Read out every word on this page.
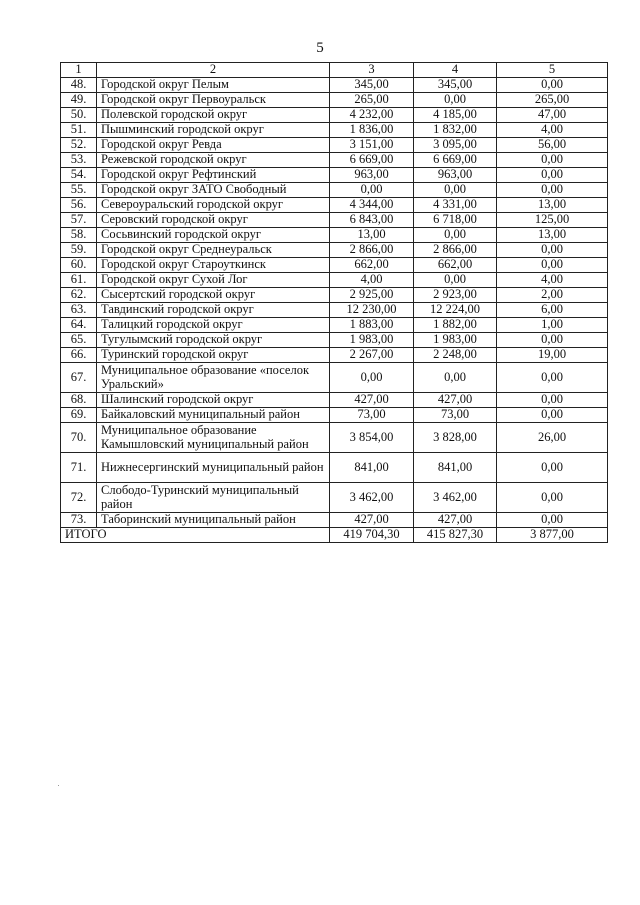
5
1	2	3	4	5
48.	Городской округ Пелым	345,00	345,00	0,00
49.	Городской округ Первоуральск	265,00	0,00	265,00
50.	Полевской городской округ	4 232,00	4 185,00	47,00
51.	Пышминский городской округ	1 836,00	1 832,00	4,00
52.	Городской округ Ревда	3 151,00	3 095,00	56,00
53.	Режевской городской округ	6 669,00	6 669,00	0,00
54.	Городской округ Рефтинский	963,00	963,00	0,00
55.	Городской округ ЗАТО Свободный	0,00	0,00	0,00
56.	Североуральский городской округ	4 344,00	4 331,00	13,00
57.	Серовский городской округ	6 843,00	6 718,00	125,00
58.	Сосьвинский городской округ	13,00	0,00	13,00
59.	Городской округ Среднеуральск	2 866,00	2 866,00	0,00
60.	Городской округ Староуткинск	662,00	662,00	0,00
61.	Городской округ Сухой Лог	4,00	0,00	4,00
62.	Сысертский городской округ	2 925,00	2 923,00	2,00
63.	Тавдинский городской округ	12 230,00	12 224,00	6,00
64.	Талицкий городской округ	1 883,00	1 882,00	1,00
65.	Тугулымский городской округ	1 983,00	1 983,00	0,00
66.	Туринский городской округ	2 267,00	2 248,00	19,00
67.	Муниципальное образование «поселок Уральский»	0,00	0,00	0,00
68.	Шалинский городской округ	427,00	427,00	0,00
69.	Байкаловский муниципальный район	73,00	73,00	0,00
70.	Муниципальное образование Камышловский муниципальный район	3 854,00	3 828,00	26,00
71.	Нижнесергинский муниципальный район	841,00	841,00	0,00
72.	Слободо-Туринский муниципальный район	3 462,00	3 462,00	0,00
73.	Таборинский муниципальный район	427,00	427,00	0,00
ИТОГО		419 704,30	415 827,30	3 877,00
